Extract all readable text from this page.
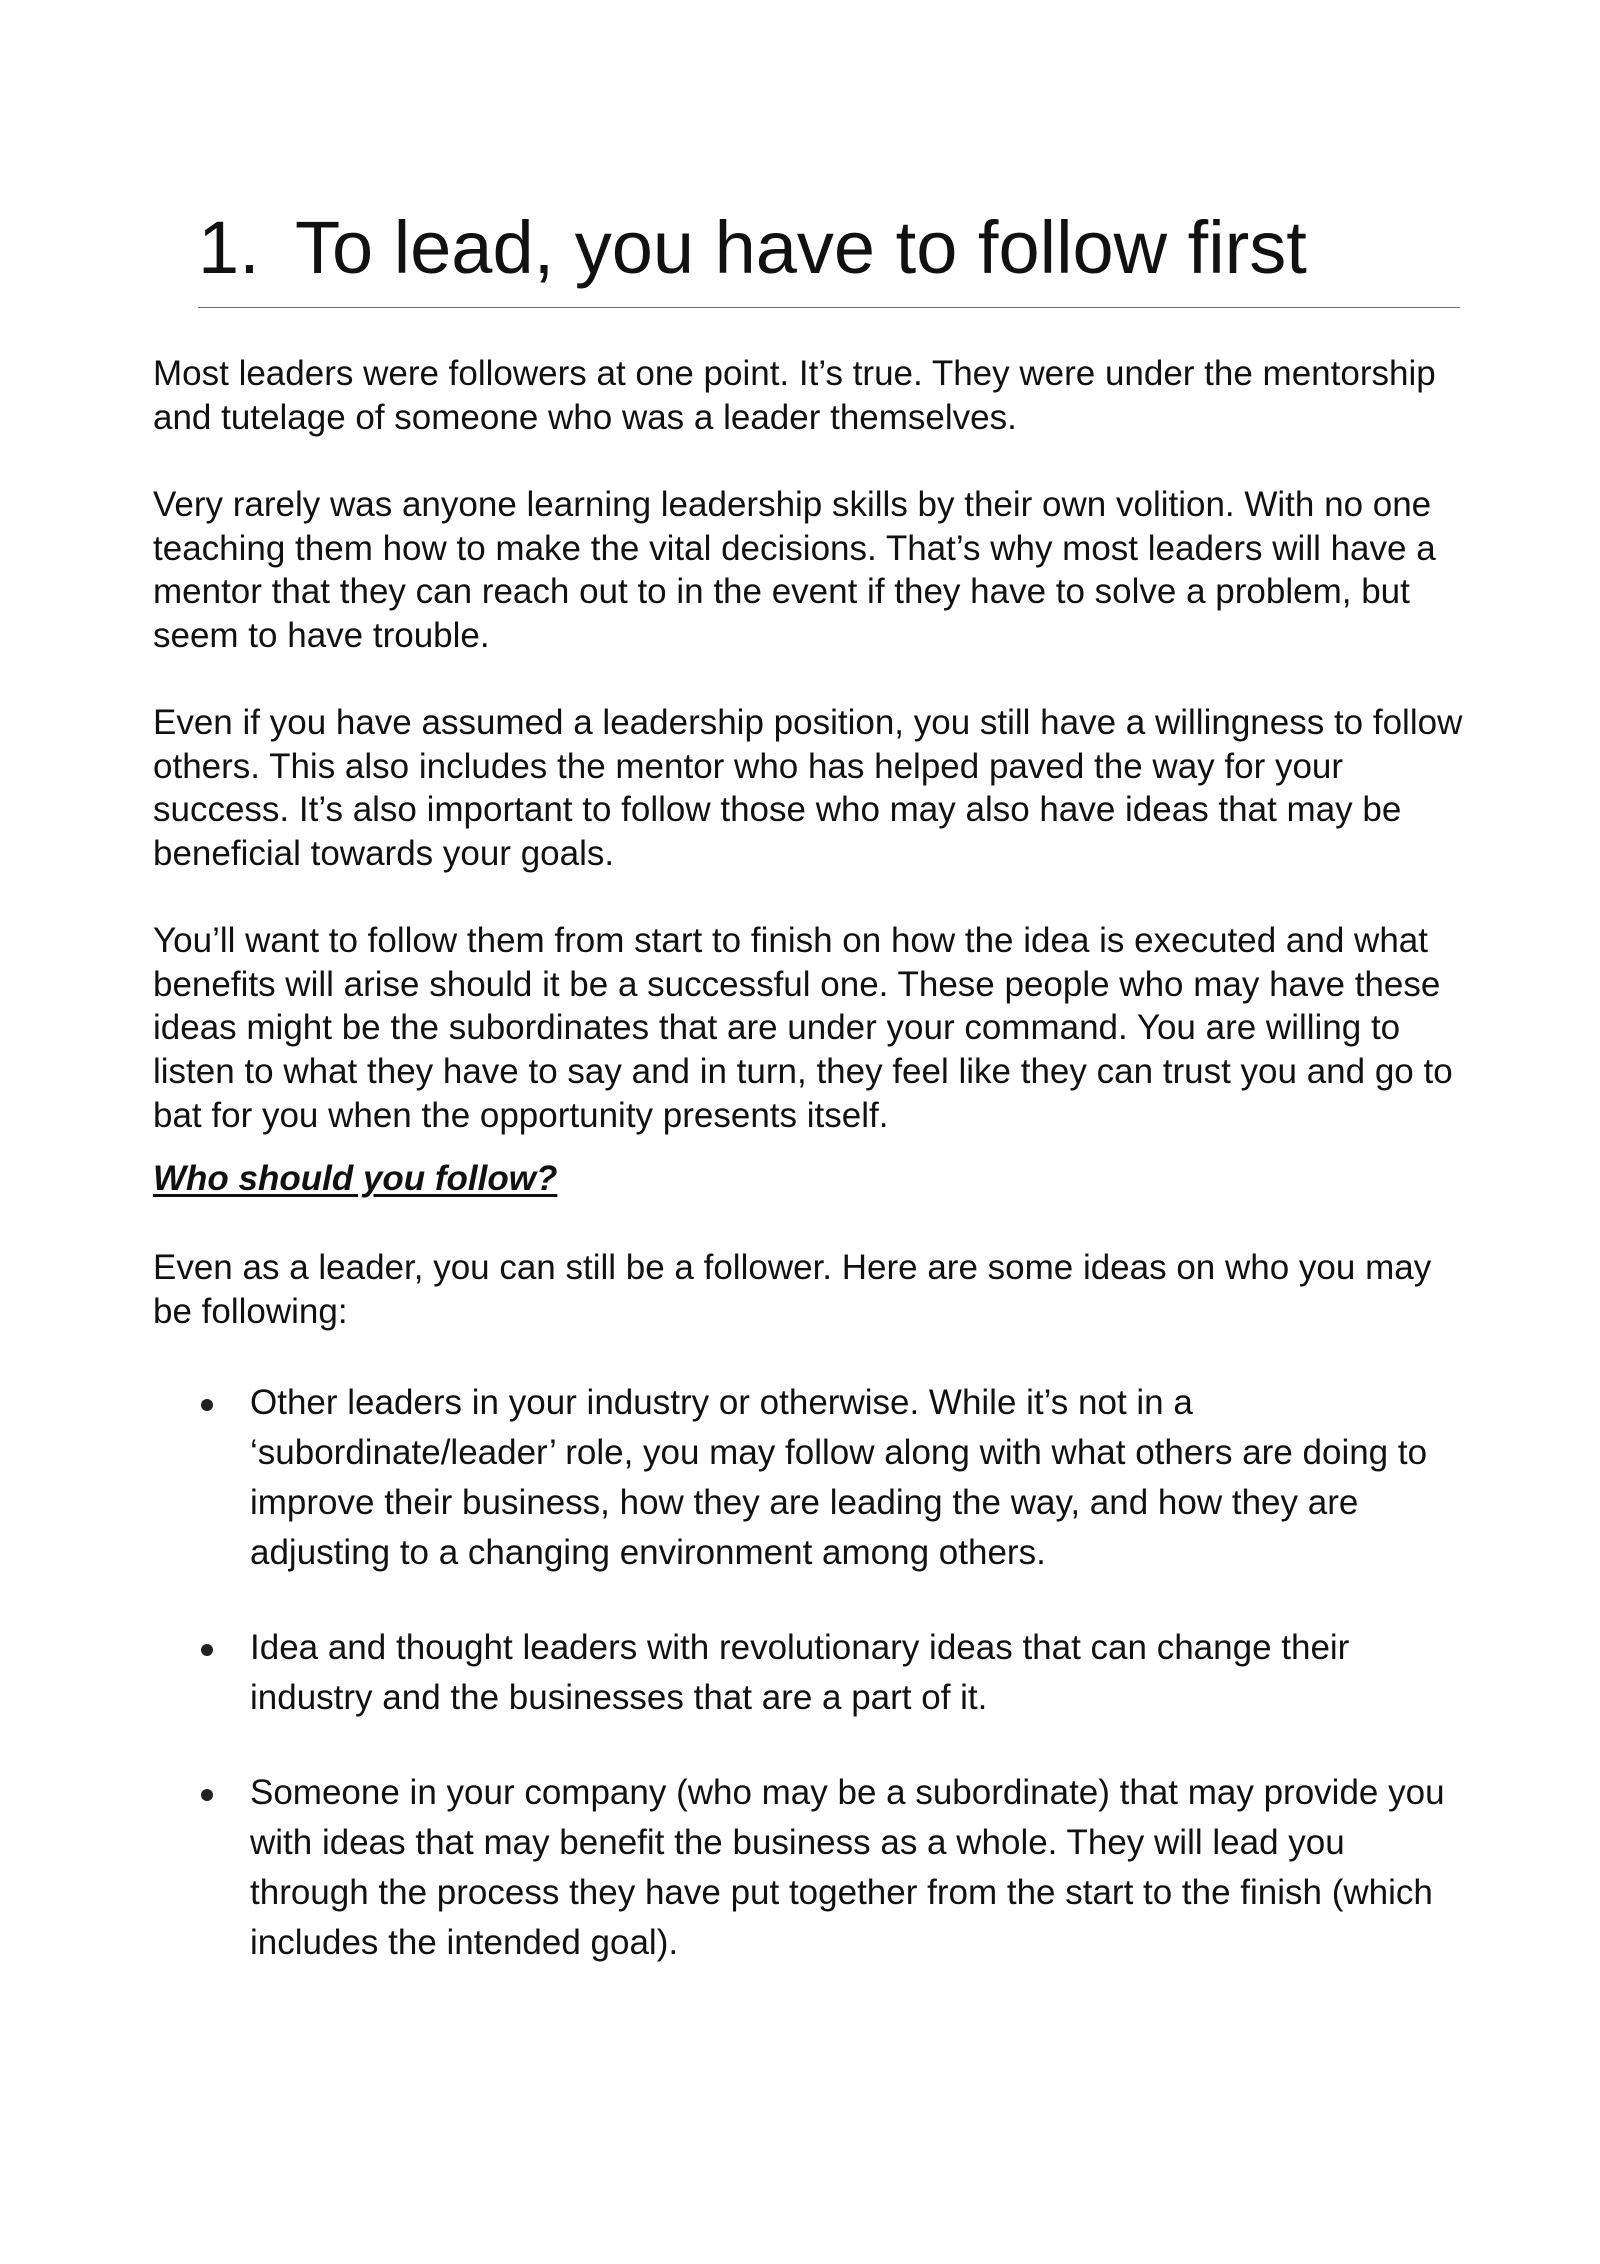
1. To lead, you have to follow first

Most leaders were followers at one point. It’s true. They were under the mentorship and tutelage of someone who was a leader themselves.

Very rarely was anyone learning leadership skills by their own volition. With no one teaching them how to make the vital decisions. That’s why most leaders will have a mentor that they can reach out to in the event if they have to solve a problem, but seem to have trouble.

Even if you have assumed a leadership position, you still have a willingness to follow others. This also includes the mentor who has helped paved the way for your success. It’s also important to follow those who may also have ideas that may be beneficial towards your goals.

You’ll want to follow them from start to finish on how the idea is executed and what benefits will arise should it be a successful one. These people who may have these ideas might be the subordinates that are under your command. You are willing to listen to what they have to say and in turn, they feel like they can trust you and go to bat for you when the opportunity presents itself.

Who should you follow?

Even as a leader, you can still be a follower. Here are some ideas on who you may be following:

Other leaders in your industry or otherwise. While it’s not in a ‘subordinate/leader’ role, you may follow along with what others are doing to improve their business, how they are leading the way, and how they are adjusting to a changing environment among others.
Idea and thought leaders with revolutionary ideas that can change their industry and the businesses that are a part of it.
Someone in your company (who may be a subordinate) that may provide you with ideas that may benefit the business as a whole. They will lead you through the process they have put together from the start to the finish (which includes the intended goal).
